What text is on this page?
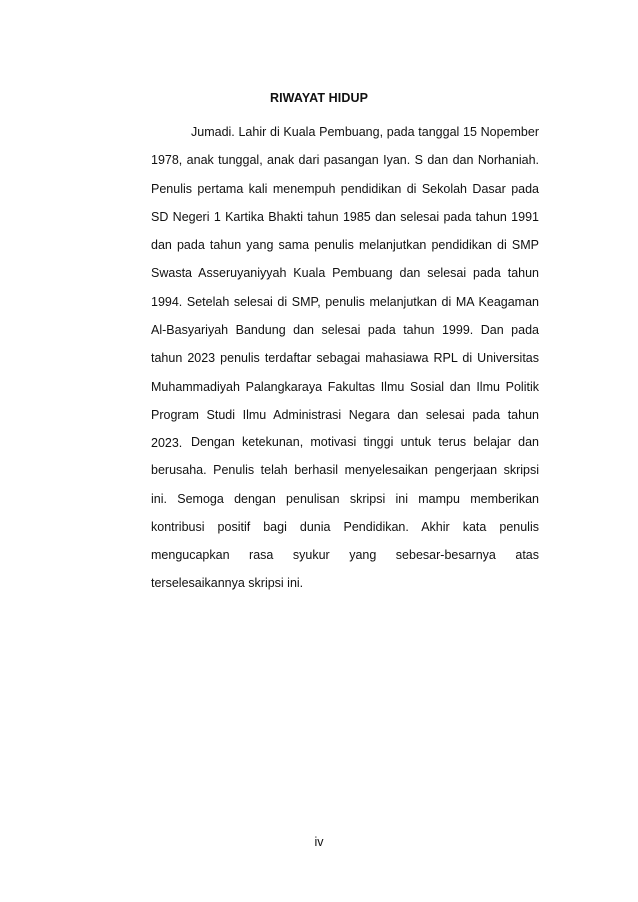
RIWAYAT HIDUP

Jumadi. Lahir di Kuala Pembuang, pada tanggal 15 Nopember 1978, anak tunggal, anak dari pasangan Iyan. S dan dan Norhaniah. Penulis pertama kali menempuh pendidikan di Sekolah Dasar pada SD Negeri 1 Kartika Bhakti tahun 1985 dan selesai pada tahun 1991 dan pada tahun yang sama penulis melanjutkan pendidikan di SMP Swasta Asseruyaniyyah Kuala Pembuang dan selesai pada tahun 1994. Setelah selesai di SMP, penulis melanjutkan di MA Keagaman Al-Basyariyah Bandung dan selesai pada tahun 1999. Dan pada tahun 2023 penulis terdaftar sebagai mahasiawa RPL di Universitas Muhammadiyah Palangkaraya Fakultas Ilmu Sosial dan Ilmu Politik Program Studi Ilmu Administrasi Negara dan selesai pada tahun 2023. Dengan ketekunan, motivasi tinggi untuk terus belajar dan berusaha. Penulis telah berhasil menyelesaikan pengerjaan skripsi ini. Semoga dengan penulisan skripsi ini mampu memberikan kontribusi positif bagi dunia Pendidikan. Akhir kata penulis mengucapkan rasa syukur yang sebesar-besarnya atas terselesaikannya skripsi ini.

iv
